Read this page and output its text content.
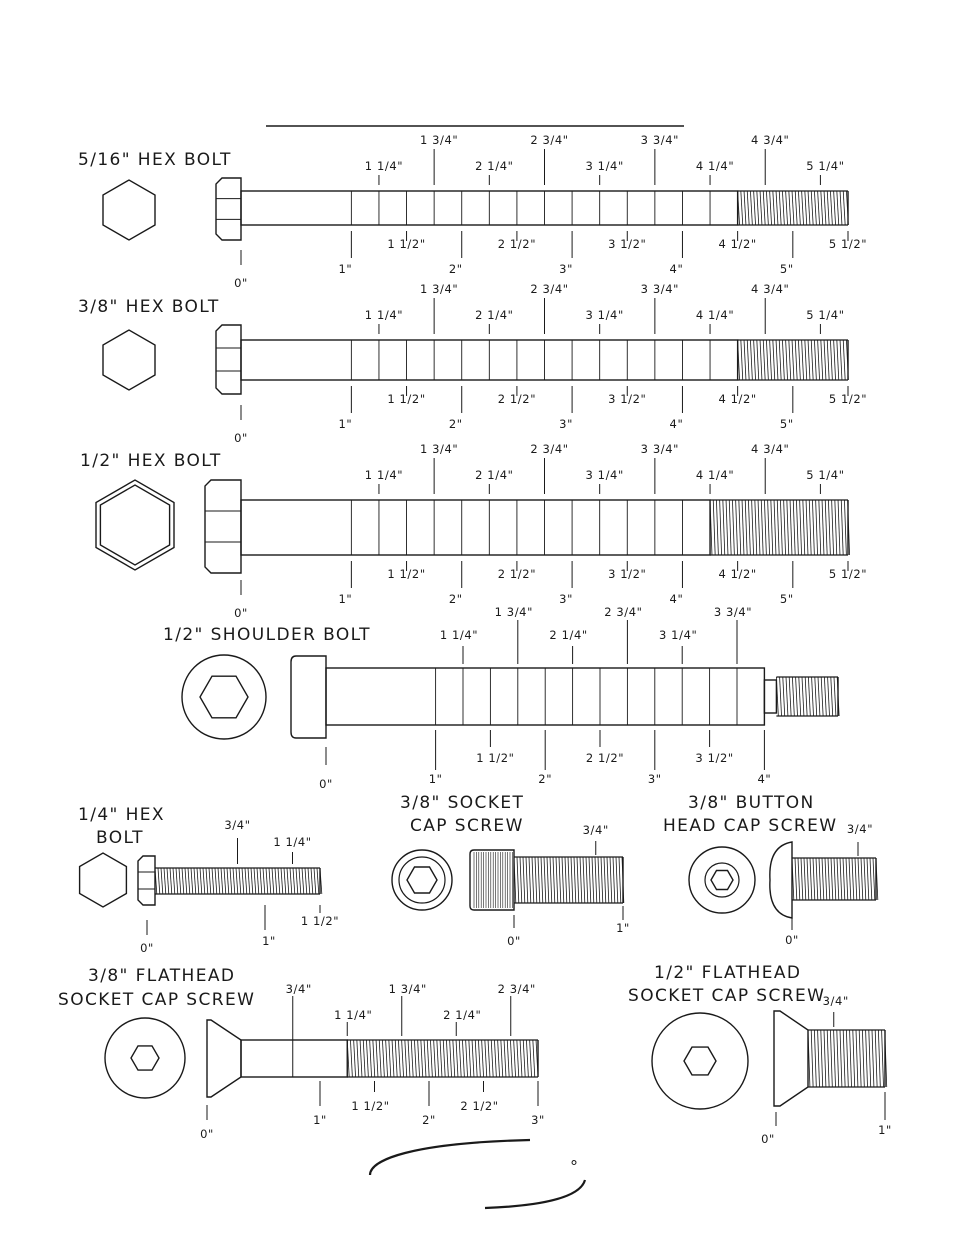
5/16" HEX BOLT
0"
1 1/4"
1 3/4"
2 1/4"
2 3/4"
3 1/4"
3 3/4"
4 1/4"
4 3/4"
5 1/4"
1"
1 1/2"
2"
2 1/2"
3"
3 1/2"
4"
4 1/2"
5"
5 1/2"
3/8" HEX BOLT
0"
1 1/4"
1 3/4"
2 1/4"
2 3/4"
3 1/4"
3 3/4"
4 1/4"
4 3/4"
5 1/4"
1"
1 1/2"
2"
2 1/2"
3"
3 1/2"
4"
4 1/2"
5"
5 1/2"
1/2" HEX BOLT
0"
1 1/4"
1 3/4"
2 1/4"
2 3/4"
3 1/4"
3 3/4"
4 1/4"
4 3/4"
5 1/4"
1"
1 1/2"
2"
2 1/2"
3"
3 1/2"
4"
4 1/2"
5"
5 1/2"
1/2" SHOULDER BOLT
0"
1 1/4"
1 3/4"
2 1/4"
2 3/4"
3 1/4"
3 3/4"
1"
1 1/2"
2"
2 1/2"
3"
3 1/2"
4"
1/4" HEX
BOLT
0"
3/4"
1 1/4"
1"
1 1/2"
3/8" SOCKET
CAP SCREW
0"
3/4"
1"
3/8" BUTTON
HEAD CAP SCREW
0"
3/4"
3/8" FLATHEAD
SOCKET CAP SCREW
0"
3/4"
1 1/4"
1 3/4"
2 1/4"
2 3/4"
1"
1 1/2"
2"
2 1/2"
3"
1/2" FLATHEAD
SOCKET CAP SCREW
0"
3/4"
1"
°
